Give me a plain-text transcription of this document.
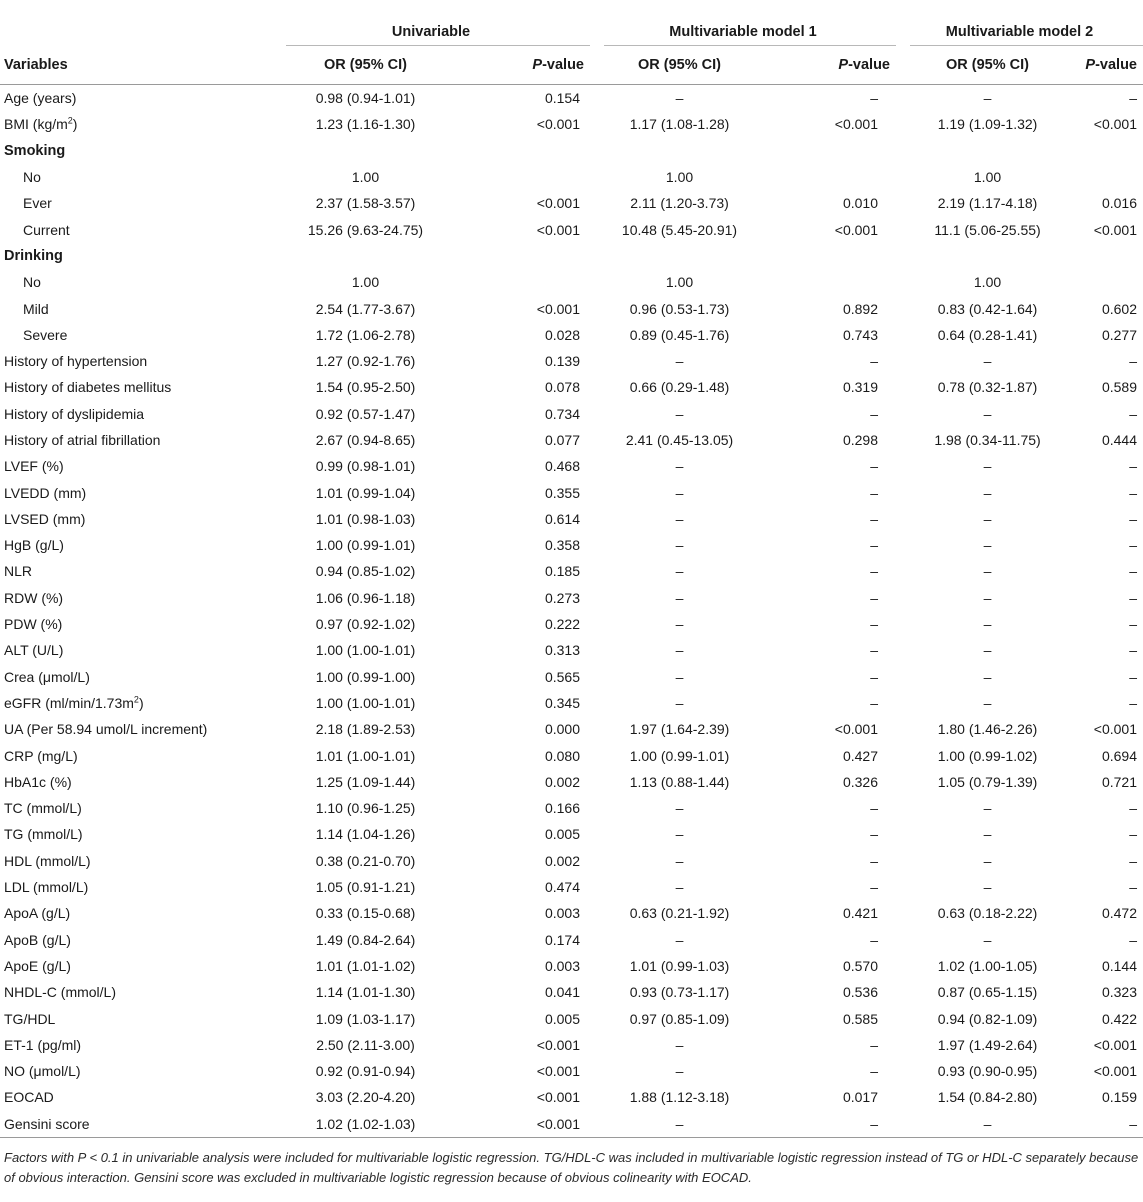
	Univariable		Multivariable model 1		Multivariable model 2	
Variables	OR (95% CI)	P-value	OR (95% CI)	P-value	OR (95% CI)	P-value
Age (years)	0.98 (0.94-1.01)	0.154	–	–	–	–
BMI $(kg/m^2)$	1.23 (1.16-1.30)	<0.001	1.17 (1.08-1.28)	<0.001	1.19 (1.09-1.32)	<0.001
Smoking						
No	1.00		1.00		1.00	
Ever	2.37 (1.58-3.57)	<0.001	2.11 (1.20-3.73)	0.010	2.19 (1.17-4.18)	0.016
Current	15.26 (9.63-24.75)	<0.001	10.48 (5.45-20.91)	<0.001	11.1 (5.06-25.55)	<0.001
Drinking						
No	1.00		1.00		1.00	
Mild	2.54 (1.77-3.67)	<0.001	0.96 (0.53-1.73)	0.892	0.83 (0.42-1.64)	0.602
Severe	1.72 (1.06-2.78)	0.028	0.89 (0.45-1.76)	0.743	0.64 (0.28-1.41)	0.277
History of hypertension	1.27 (0.92-1.76)	0.139	–	–	–	–
History of diabetes mellitus	1.54 (0.95-2.50)	0.078	0.66 (0.29-1.48)	0.319	0.78 (0.32-1.87)	0.589
History of dyslipidemia	0.92 (0.57-1.47)	0.734	–	–	–	–
History of atrial fibrillation	2.67 (0.94-8.65)	0.077	2.41 (0.45-13.05)	0.298	1.98 (0.34-11.75)	0.444
LVEF (%)	0.99 (0.98-1.01)	0.468	–	–	–	–
LVEDD (mm)	1.01 (0.99-1.04)	0.355	–	–	–	–
LVSED (mm)	1.01 (0.98-1.03)	0.614	–	–	–	–
HgB (g/L)	1.00 (0.99-1.01)	0.358	–	–	–	–
NLR	0.94 (0.85-1.02)	0.185	–	–	–	–
RDW (%)	1.06 (0.96-1.18)	0.273	–	–	–	–
PDW (%)	0.97 (0.92-1.02)	0.222	–	–	–	–
ALT (U/L)	1.00 (1.00-1.01)	0.313	–	–	–	–
Crea (μmol/L)	1.00 (0.99-1.00)	0.565	–	–	–	–
eGFR $(ml/\min/1.73m^2)$	1.00 (1.00-1.01)	0.345	–	–	–	–
UA (Per 58.94 umol/L increment)	2.18 (1.89-2.53)	0.000	1.97 (1.64-2.39)	<0.001	1.80 (1.46-2.26)	<0.001
CRP (mg/L)	1.01 (1.00-1.01)	0.080	1.00 (0.99-1.01)	0.427	1.00 (0.99-1.02)	0.694
HbA1c (%)	1.25 (1.09-1.44)	0.002	1.13 (0.88-1.44)	0.326	1.05 (0.79-1.39)	0.721
TC (mmol/L)	1.10 (0.96-1.25)	0.166	–	–	–	–
TG (mmol/L)	1.14 (1.04-1.26)	0.005	–	–	–	–
HDL (mmol/L)	0.38 (0.21-0.70)	0.002	–	–	–	–
LDL (mmol/L)	1.05 (0.91-1.21)	0.474	–	–	–	–
ApoA (g/L)	0.33 (0.15-0.68)	0.003	0.63 (0.21-1.92)	0.421	0.63 (0.18-2.22)	0.472
ApoB (g/L)	1.49 (0.84-2.64)	0.174	–	–	–	–
ApoE (g/L)	1.01 (1.01-1.02)	0.003	1.01 (0.99-1.03)	0.570	1.02 (1.00-1.05)	0.144
NHDL-C (mmol/L)	1.14 (1.01-1.30)	0.041	0.93 (0.73-1.17)	0.536	0.87 (0.65-1.15)	0.323
TG/HDL	1.09 (1.03-1.17)	0.005	0.97 (0.85-1.09)	0.585	0.94 (0.82-1.09)	0.422
ET-1 (pg/ml)	2.50 (2.11-3.00)	<0.001	–	–	1.97 (1.49-2.64)	<0.001
NO (μmol/L)	0.92 (0.91-0.94)	<0.001	–	–	0.93 (0.90-0.95)	<0.001
EOCAD	3.03 (2.20-4.20)	<0.001	1.88 (1.12-3.18)	0.017	1.54 (0.84-2.80)	0.159
Gensini score	1.02 (1.02-1.03)	<0.001	–	–	–	–
Factors with P < 0.1 in univariable analysis were included for multivariable logistic regression. TG/HDL-C was included in multivariable logistic regression instead of TG or HDL-C separately because of obvious interaction. Gensini score was excluded in multivariable logistic regression because of obvious colinearity with EOCAD.
